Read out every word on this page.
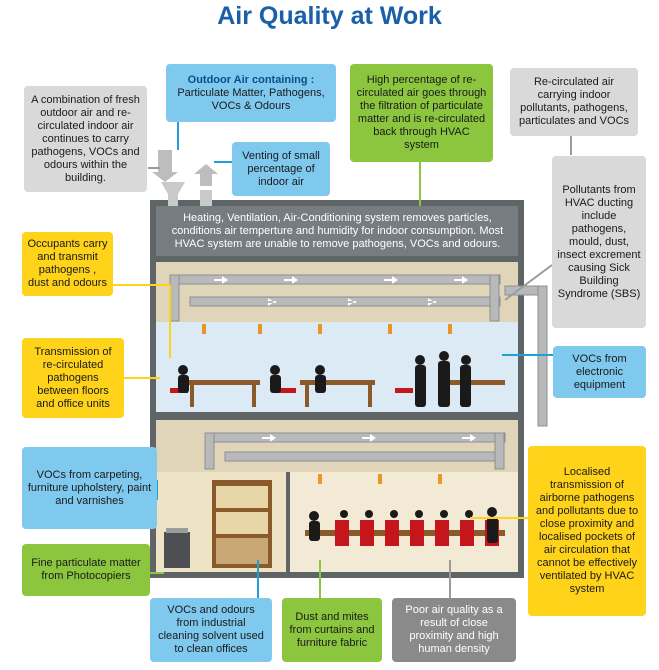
Air Quality at Work
Heating, Ventilation, Air-Conditioning system removes particles, conditions air temperture and humidity for indoor consumption. Most HVAC system are unable to remove pathogens, VOCs and odours.
Outdoor Air containing :
Particulate Matter, Pathogens, VOCs & Odours
A combination of fresh outdoor air and re-circulated indoor air continues to carry pathogens, VOCs and odours within the building.
High percentage of re-circulated air goes through the filtration of particulate matter and is re-circulated back through HVAC system
Re-circulated air carrying indoor pollutants, pathogens, particulates and VOCs
Venting of small percentage of indoor air
Pollutants from HVAC ducting include pathogens, mould, dust, insect excrement causing Sick Building Syndrome (SBS)
Occupants carry and transmit pathogens , dust and odours
Transmission of re-circulated pathogens between floors and office units
VOCs from electronic equipment
VOCs from carpeting, furniture upholstery, paint and varnishes
Localised transmission of airborne pathogens and pollutants due to close proximity and localised pockets of air circulation that cannot be effectively ventilated by HVAC system
Fine particulate matter from Photocopiers
VOCs and odours from industrial cleaning solvent used to clean offices
Dust and mites from curtains and furniture fabric
Poor air quality as a result of close proximity and high human density
